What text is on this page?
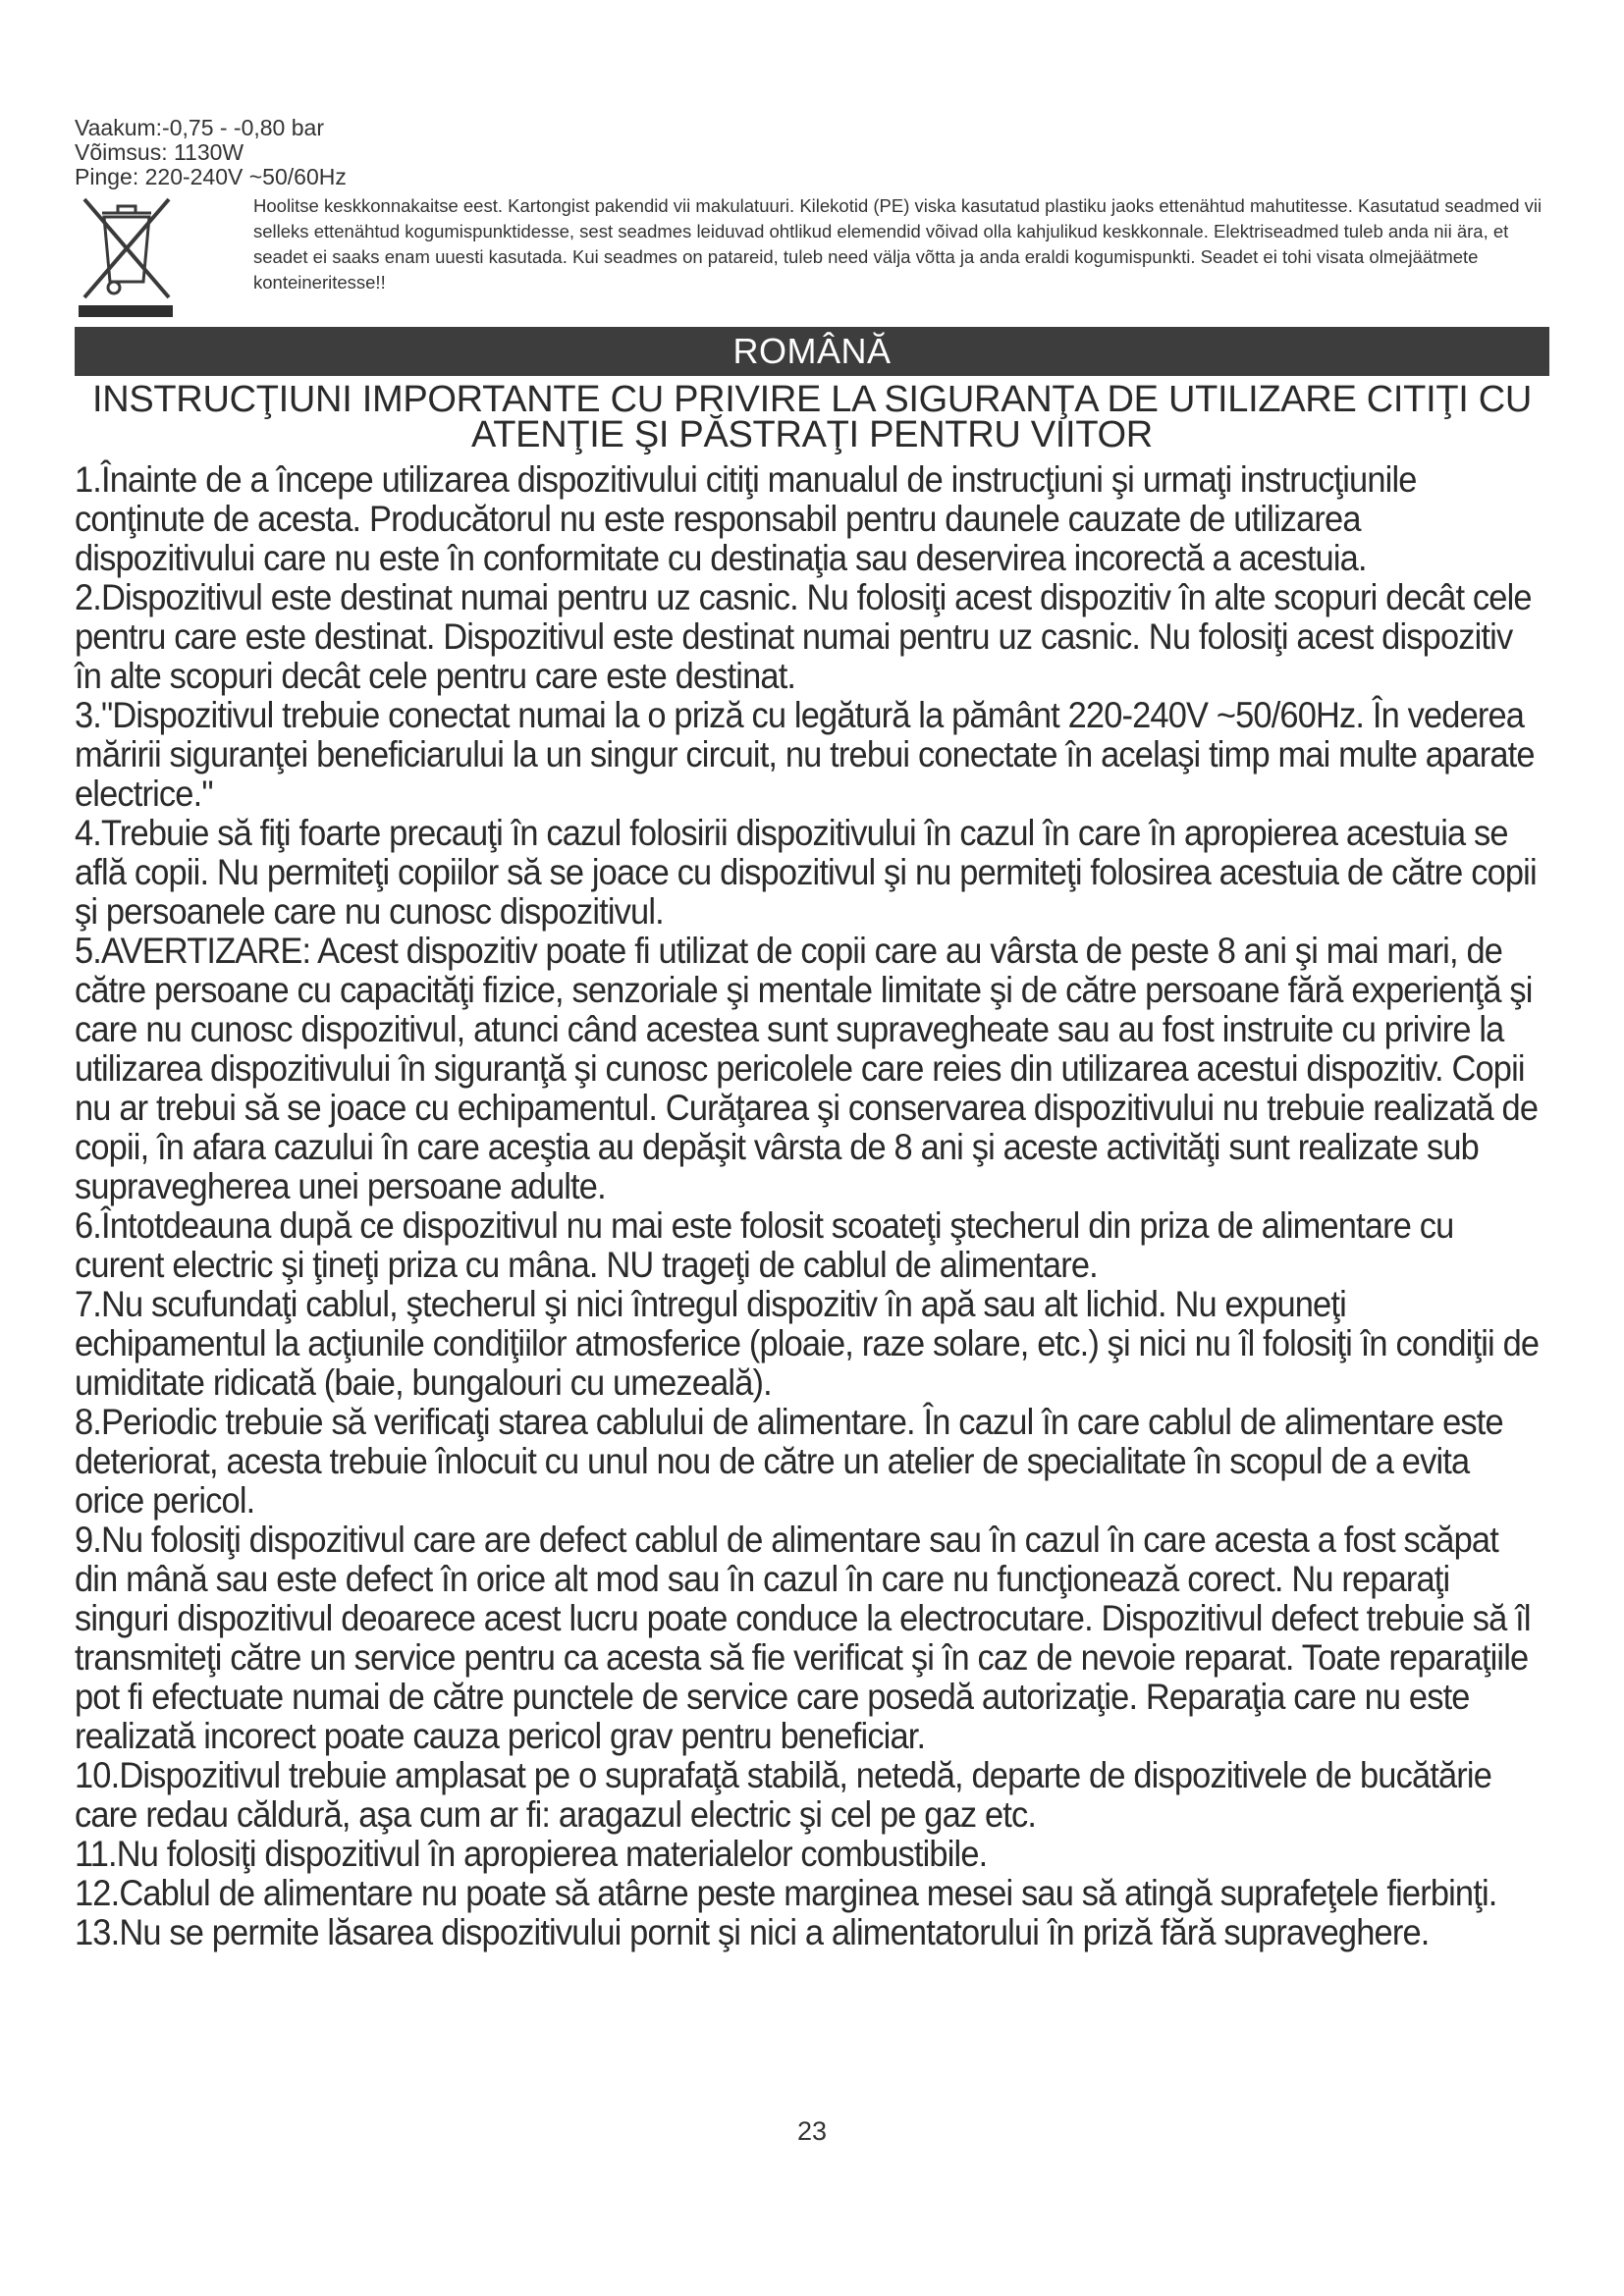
Vaakum:-0,75 - -0,80 bar
Võimsus: 1130W
Pinge: 220-240V ~50/60Hz
Hoolitse keskkonnakaitse eest. Kartongist pakendid vii makulatuuri. Kilekotid (PE) viska kasutatud plastiku jaoks ettenähtud mahutitesse. Kasutatud seadmed vii selleks ettenähtud kogumispunktidesse, sest seadmes leiduvad ohtlikud elemendid võivad olla kahjulikud keskkonnale. Elektriseadmed tuleb anda nii ära, et seadet ei saaks enam uuesti kasutada. Kui seadmes on patareid, tuleb need välja võtta ja anda eraldi kogumispunkti. Seadet ei tohi visata olmejäätmete konteineritesse!!
ROMÂNĂ
INSTRUCŢIUNI IMPORTANTE CU PRIVIRE LA SIGURANŢA DE UTILIZARE CITIŢI CU ATENŢIE ŞI PĂSTRAŢI PENTRU VIITOR

1.Înainte de a începe utilizarea dispozitivului citiţi manualul de instrucţiuni şi urmaţi instrucţiunile conţinute de acesta. Producătorul nu este responsabil pentru daunele cauzate de utilizarea dispozitivului care nu este în conformitate cu destinaţia sau deservirea incorectă a acestuia.

2.Dispozitivul este destinat numai pentru uz casnic. Nu folosiţi acest dispozitiv în alte scopuri decât cele pentru care este destinat. Dispozitivul este destinat numai pentru uz casnic. Nu folosiţi acest dispozitiv în alte scopuri decât cele pentru care este destinat.

3."Dispozitivul trebuie conectat numai la o priză cu legătură la pământ 220-240V ~50/60Hz. În vederea măririi siguranţei beneficiarului la un singur circuit, nu trebui conectate în acelaşi timp mai multe aparate electrice."

4.Trebuie să fiţi foarte precauţi în cazul folosirii dispozitivului în cazul în care în apropierea acestuia se află copii. Nu permiteţi copiilor să se joace cu dispozitivul şi nu permiteţi folosirea acestuia de către copii şi persoanele care nu cunosc dispozitivul.

5.AVERTIZARE: Acest dispozitiv poate fi utilizat de copii care au vârsta de peste 8 ani şi mai mari, de către persoane cu capacităţi fizice, senzoriale şi mentale limitate şi de către persoane fără experienţă şi care nu cunosc dispozitivul, atunci când acestea sunt supravegheate sau au fost instruite cu privire la utilizarea dispozitivului în siguranţă şi cunosc pericolele care reies din utilizarea acestui dispozitiv. Copii nu ar trebui să se joace cu echipamentul. Curăţarea şi conservarea dispozitivului nu trebuie realizată de copii, în afara cazului în care aceştia au depăşit vârsta de 8 ani şi aceste activităţi sunt realizate sub supravegherea unei persoane adulte.

6.Întotdeauna după ce dispozitivul nu mai este folosit scoateţi ştecherul din priza de alimentare cu curent electric şi ţineţi priza cu mâna. NU trageţi de cablul de alimentare.

7.Nu scufundaţi cablul, ştecherul şi nici întregul dispozitiv în apă sau alt lichid. Nu expuneţi echipamentul la acţiunile condiţiilor atmosferice (ploaie, raze solare, etc.) şi nici nu îl folosiţi în condiţii de umiditate ridicată (baie, bungalouri cu umezeală).

8.Periodic trebuie să verificaţi starea cablului de alimentare. În cazul în care cablul de alimentare este deteriorat, acesta trebuie înlocuit cu unul nou de către un atelier de specialitate în scopul de a evita orice pericol.

9.Nu folosiţi dispozitivul care are defect cablul de alimentare sau în cazul în care acesta a fost scăpat din mână sau este defect în orice alt mod sau în cazul în care nu funcţionează corect. Nu reparaţi singuri dispozitivul deoarece acest lucru poate conduce la electrocutare. Dispozitivul defect trebuie să îl transmiteţi către un service pentru ca acesta să fie verificat şi în caz de nevoie reparat. Toate reparaţiile pot fi efectuate numai de către punctele de service care posedă autorizaţie. Reparaţia care nu este realizată incorect poate cauza pericol grav pentru beneficiar.

10.Dispozitivul trebuie amplasat pe o suprafaţă stabilă, netedă, departe de dispozitivele de bucătărie care redau căldură, aşa cum ar fi: aragazul electric şi cel pe gaz etc.

11.Nu folosiţi dispozitivul în apropierea materialelor combustibile.

12.Cablul de alimentare nu poate să atârne peste marginea mesei sau să atingă suprafeţele fierbinţi.

13.Nu se permite lăsarea dispozitivului pornit şi nici a alimentatorului în priză fără supraveghere.

23
